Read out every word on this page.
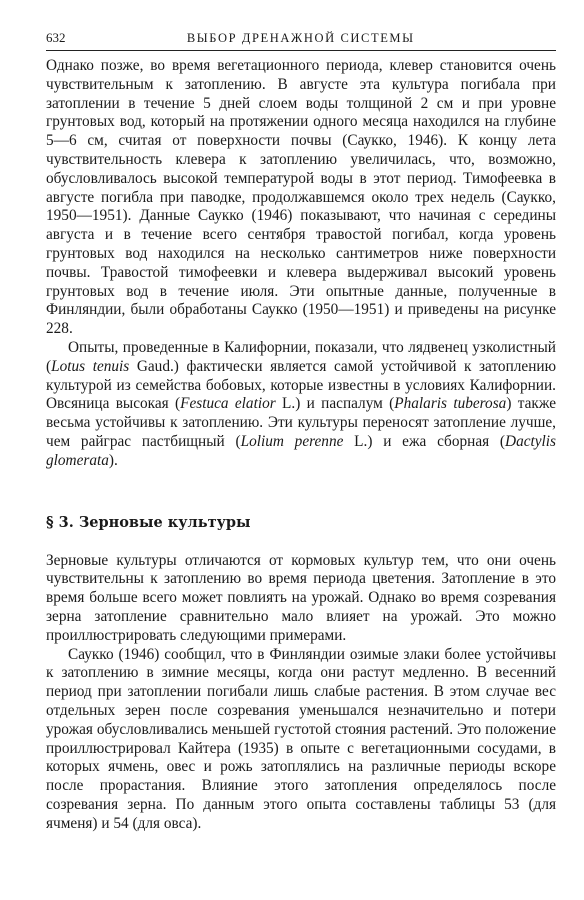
632	ВЫБОР ДРЕНАЖНОЙ СИСТЕМЫ

Однако позже, во время вегетационного периода, клевер становится очень чувствительным к затоплению. В августе эта культура погибала при затоплении в течение 5 дней слоем воды толщиной 2 см и при уровне грунтовых вод, который на протяжении одного месяца находился на глубине 5—6 см, считая от поверхности почвы (Саукко, 1946). К концу лета чувствительность клевера к затоплению увеличилась, что, возможно, обусловливалось высокой температурой воды в этот период. Тимофеевка в августе погибла при паводке, продолжавшемся около трех недель (Саукко, 1950—1951). Данные Саукко (1946) показывают, что начиная с середины августа и в течение всего сентября травостой погибал, когда уровень грунтовых вод находился на несколько сантиметров ниже поверхности почвы. Травостой тимофеевки и клевера выдерживал высокий уровень грунтовых вод в течение июля. Эти опытные данные, полученные в Финляндии, были обработаны Саукко (1950—1951) и приведены на рисунке 228.

Опыты, проведенные в Калифорнии, показали, что лядвенец узколистный (Lotus tenuis Gaud.) фактически является самой устойчивой к затоплению культурой из семейства бобовых, которые известны в условиях Калифорнии. Овсяница высокая (Festuca elatior L.) и паспалум (Phalaris tuberosa) также весьма устойчивы к затоплению. Эти культуры переносят затопление лучше, чем райграс пастбищный (Lolium perenne L.) и ежа сборная (Dactylis glomerata).

§ 3. Зерновые культуры

Зерновые культуры отличаются от кормовых культур тем, что они очень чувствительны к затоплению во время периода цветения. Затопление в это время больше всего может повлиять на урожай. Однако во время созревания зерна затопление сравнительно мало влияет на урожай. Это можно проиллюстрировать следующими примерами.

Саукко (1946) сообщил, что в Финляндии озимые злаки более устойчивы к затоплению в зимние месяцы, когда они растут медленно. В весенний период при затоплении погибали лишь слабые растения. В этом случае вес отдельных зерен после созревания уменьшался незначительно и потери урожая обусловливались меньшей густотой стояния растений. Это положение проиллюстрировал Кайтера (1935) в опыте с вегетационными сосудами, в которых ячмень, овес и рожь затоплялись на различные периоды вскоре после прорастания. Влияние этого затопления определялось после созревания зерна. По данным этого опыта составлены таблицы 53 (для ячменя) и 54 (для овса).
